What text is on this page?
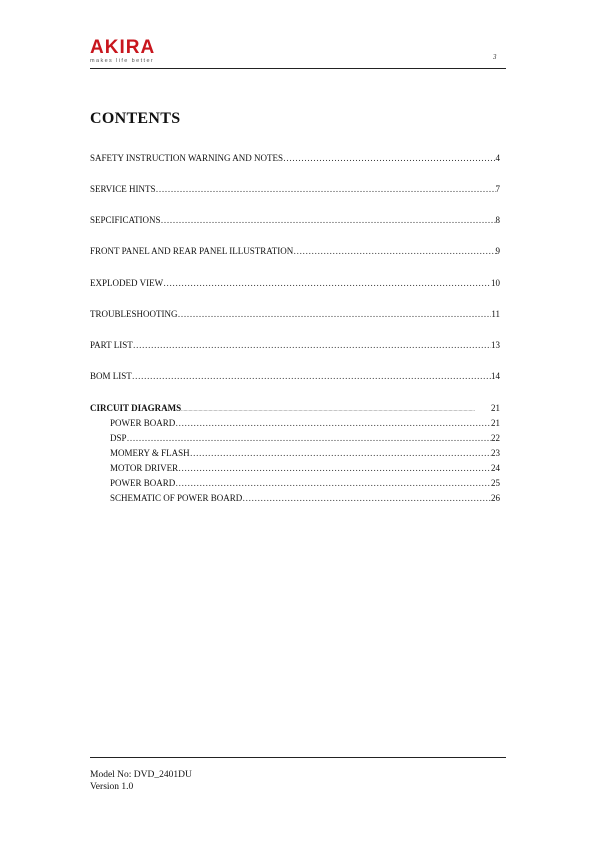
AKIRA
makes life better	3
CONTENTS
SAFETY INSTRUCTION WARNING AND NOTES ……………………………………………………………………………………………………………………………………………………………	4
SERVICE HINTS ……………………………………………………………………………………………………………………………………………………………	7
SEPCIFICATIONS ……………………………………………………………………………………………………………………………………………………………	8
FRONT PANEL AND REAR PANEL ILLUSTRATION ……………………………………………………………………………………………………………………………………………………………	9
EXPLODED VIEW ……………………………………………………………………………………………………………………………………………………………	10
TROUBLESHOOTING ……………………………………………………………………………………………………………………………………………………………	11
PART LIST ……………………………………………………………………………………………………………………………………………………………	13
BOM LIST ……………………………………………………………………………………………………………………………………………………………	14
CIRCUIT DIAGRAMS .....	21
POWER BOARD ……………………………………………………………………………………………………………………………………………………………	21
DSP ……………………………………………………………………………………………………………………………………………………………	22
MOMERY & FLASH ……………………………………………………………………………………………………………………………………………………………	23
MOTOR DRIVER ……………………………………………………………………………………………………………………………………………………………	24
POWER BOARD ……………………………………………………………………………………………………………………………………………………………	25
SCHEMATIC OF POWER BOARD ……………………………………………………………………………………………………………………………………………………………	26
Model No: DVD_2401DU
Version 1.0
